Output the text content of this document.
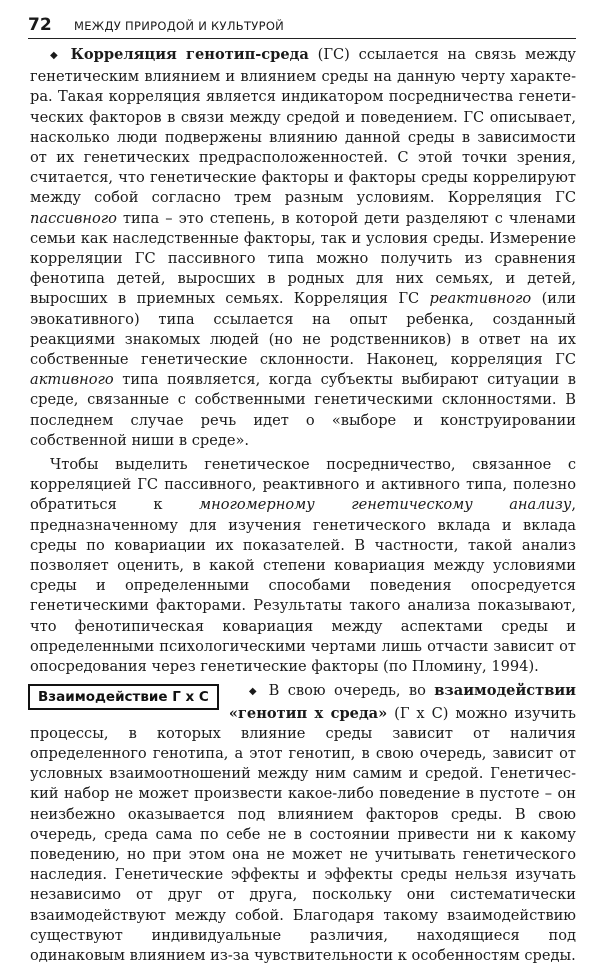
72 МЕЖДУ ПРИРОДОЙ И КУЛЬТУРОЙ

◆ Корреляция генотип-среда (ГС) ссылается на связь между генетическим влиянием и влиянием среды на данную черту характера. Такая корреляция является индикатором посредничества генетических факторов в связи между средой и поведением. ГС описывает, насколько люди подвержены влиянию данной среды в зависимости от их генетических предрасположенностей. С этой точки зрения, считается, что генетические факторы и факторы среды коррелируют между собой согласно трем разным условиям. Корреляция ГС пассивного типа – это степень, в которой дети разделяют с членами семьи как наследственные факторы, так и условия среды. Измерение корреляции ГС пассивного типа можно получить из сравнения фенотипа детей, выросших в родных для них семьях, и детей, выросших в приемных семьях. Корреляция ГС реактивного (или эвокативного) типа ссылается на опыт ребенка, созданный реакциями знакомых людей (но не родственников) в ответ на их собственные генетические склонности. Наконец, корреляция ГС активного типа появляется, когда субъекты выбирают ситуации в среде, связанные с собственными генетическими склонностями. В последнем случае речь идет о «выборе и конструировании собственной ниши в среде».

Чтобы выделить генетическое посредничество, связанное с корреляцией ГС пассивного, реактивного и активного типа, полезно обратиться к многомерному генетическому анализу, предназначенному для изучения генетического вклада и вклада среды по ковариации их показателей. В частности, такой анализ позволяет оценить, в какой степени ковариация между условиями среды и определенными способами поведения опосредуется генетическими факторами. Результаты такого анализа показывают, что фенотипическая ковариация между аспектами среды и определенными психологическими чертами лишь отчасти зависит от опосредования через генетические факторы (по Пломину, 1994).

Взаимодействие Г х С	◆ В свою очередь, во взаимодействии «генотип x среда» (Г x С) можно изучить процессы, в которых влияние среды зависит от наличия определенного генотипа, а этот генотип, в свою очередь, зависит от условных взаимоотношений между ним самим и средой. Генетический набор не может произвести какое-либо поведение в пустоте – он неизбежно оказывается под влиянием факторов среды. В свою очередь, среда сама по себе не в состоянии привести ни к какому поведению, но при этом она не может не учитывать генетического наследия. Генетические эффекты и эффекты среды нельзя изучать независимо от друг от друга, поскольку они систематически взаимодействуют между собой. Благодаря такому взаимодействию существуют индивидуальные различия, находящиеся под одинаковым влиянием из-за чувствительности к особенностям среды.
